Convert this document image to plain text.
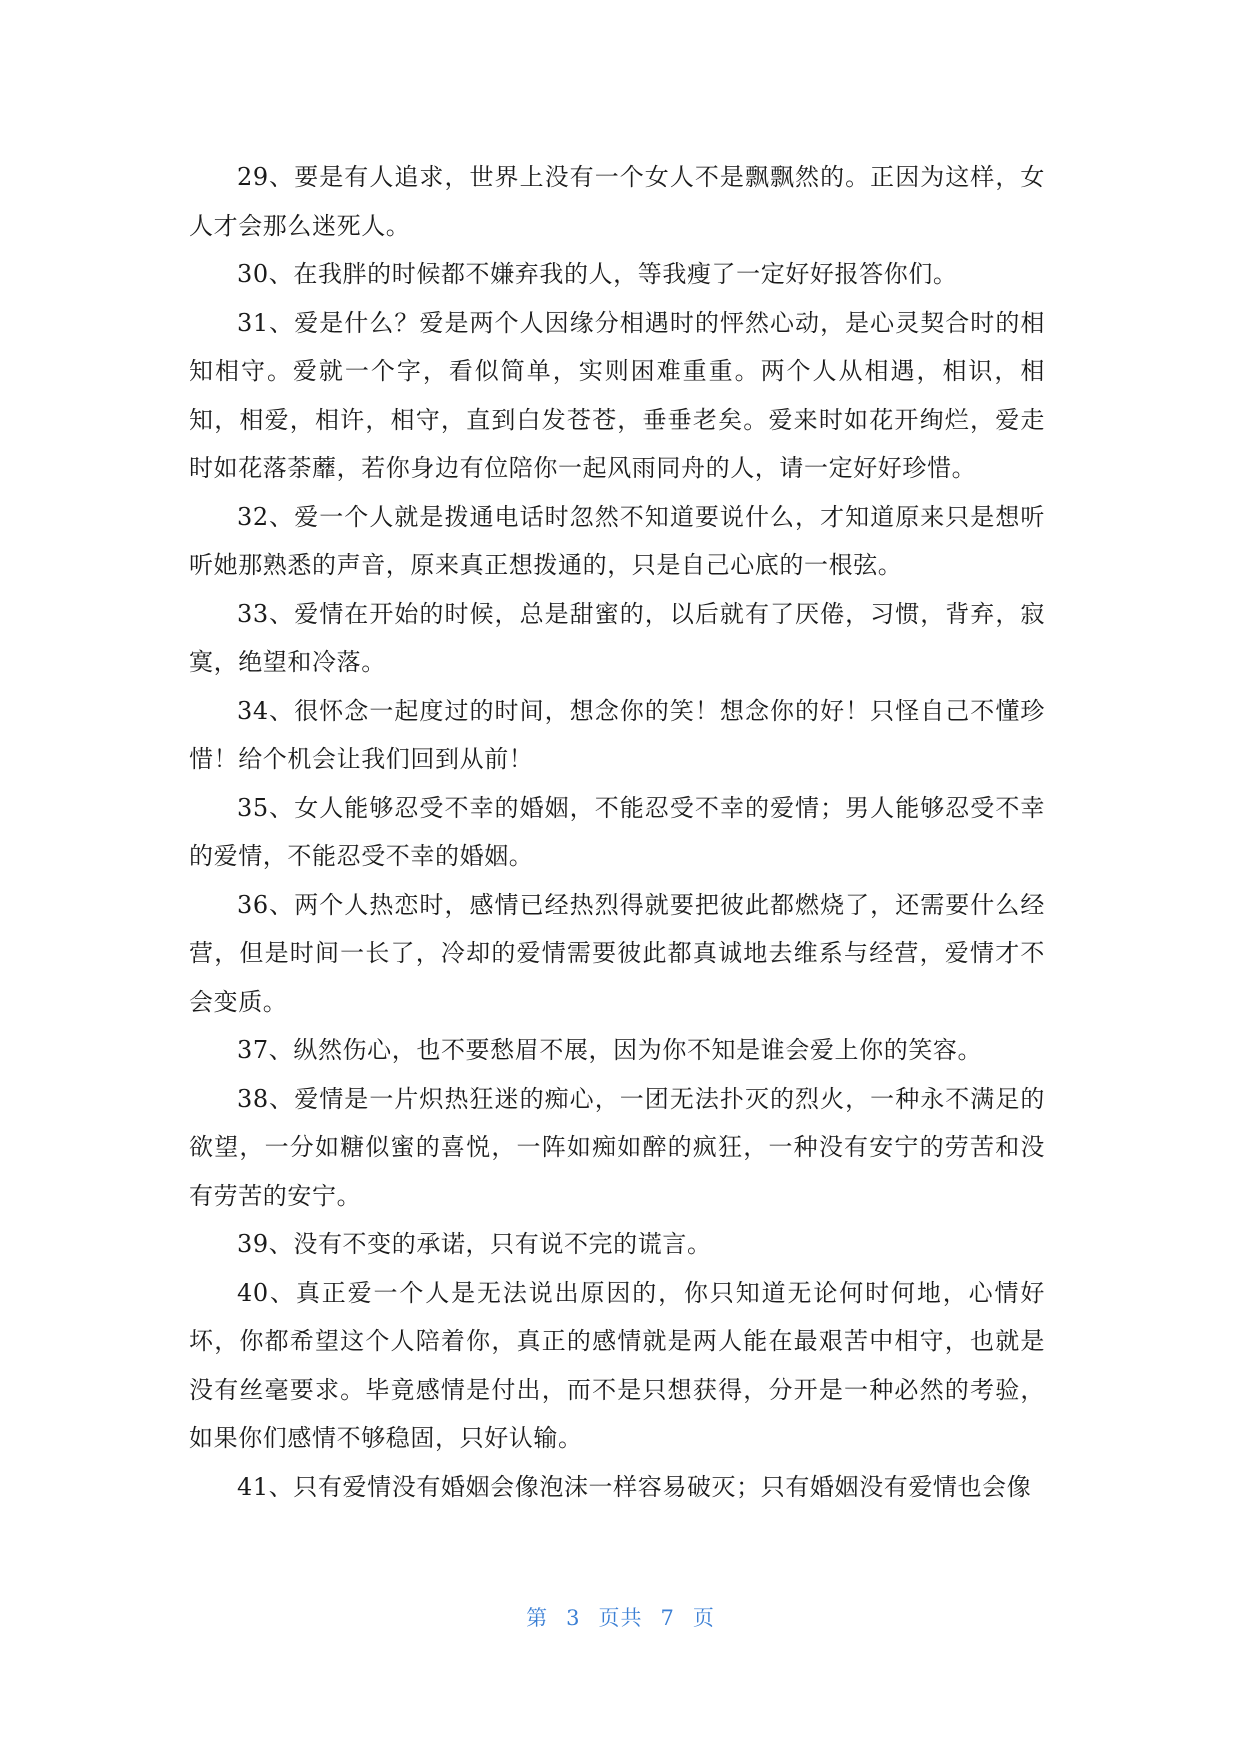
29、要是有人追求，世界上没有一个女人不是飘飘然的。正因为这样，女人才会那么迷死人。

30、在我胖的时候都不嫌弃我的人，等我瘦了一定好好报答你们。

31、爱是什么？爱是两个人因缘分相遇时的怦然心动，是心灵契合时的相知相守。爱就一个字，看似简单，实则困难重重。两个人从相遇，相识，相知，相爱，相许，相守，直到白发苍苍，垂垂老矣。爱来时如花开绚烂，爱走时如花落荼蘼，若你身边有位陪你一起风雨同舟的人，请一定好好珍惜。

32、爱一个人就是拨通电话时忽然不知道要说什么，才知道原来只是想听听她那熟悉的声音，原来真正想拨通的，只是自己心底的一根弦。

33、爱情在开始的时候，总是甜蜜的，以后就有了厌倦，习惯，背弃，寂寞，绝望和冷落。

34、很怀念一起度过的时间，想念你的笑！想念你的好！只怪自己不懂珍惜！给个机会让我们回到从前！

35、女人能够忍受不幸的婚姻，不能忍受不幸的爱情；男人能够忍受不幸的爱情，不能忍受不幸的婚姻。

36、两个人热恋时，感情已经热烈得就要把彼此都燃烧了，还需要什么经营，但是时间一长了，冷却的爱情需要彼此都真诚地去维系与经营，爱情才不会变质。

37、纵然伤心，也不要愁眉不展，因为你不知是谁会爱上你的笑容。

38、爱情是一片炽热狂迷的痴心，一团无法扑灭的烈火，一种永不满足的欲望，一分如糖似蜜的喜悦，一阵如痴如醉的疯狂，一种没有安宁的劳苦和没有劳苦的安宁。

39、没有不变的承诺，只有说不完的谎言。

40、真正爱一个人是无法说出原因的，你只知道无论何时何地，心情好坏，你都希望这个人陪着你，真正的感情就是两人能在最艰苦中相守，也就是没有丝毫要求。毕竟感情是付出，而不是只想获得，分开是一种必然的考验，如果你们感情不够稳固，只好认输。

41、只有爱情没有婚姻会像泡沫一样容易破灭；只有婚姻没有爱情也会像

第 3 页共 7 页
